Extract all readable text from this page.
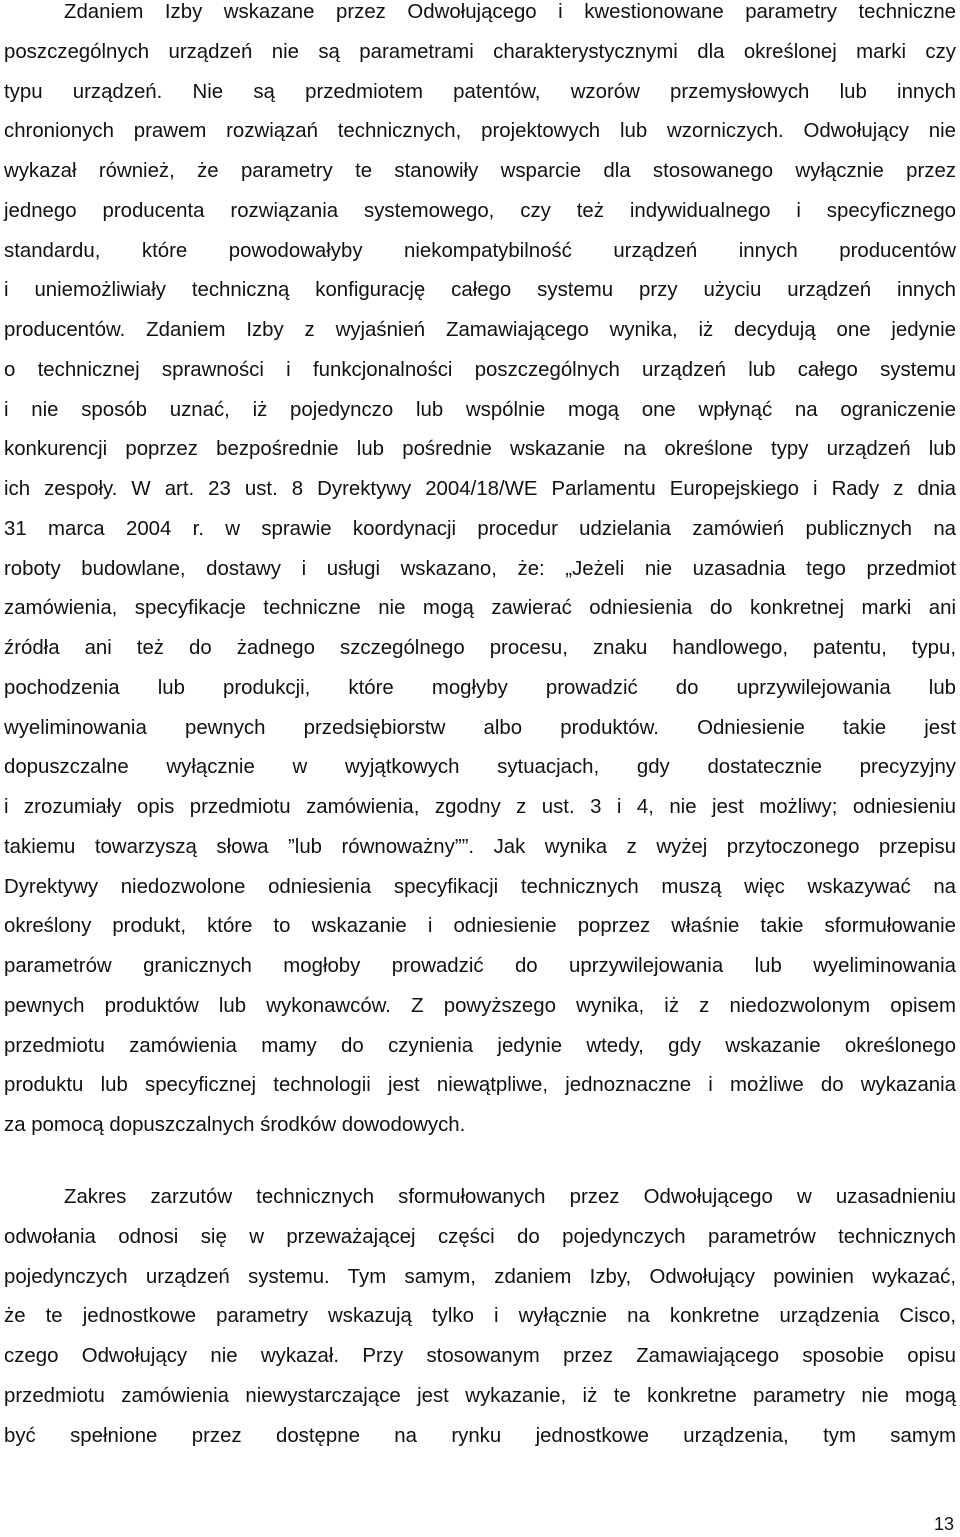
Zdaniem Izby wskazane przez Odwołującego i kwestionowane parametry techniczne
poszczególnych urządzeń nie są parametrami charakterystycznymi dla określonej marki czy
typu urządzeń. Nie są przedmiotem patentów, wzorów przemysłowych lub innych
chronionych prawem rozwiązań technicznych, projektowych lub wzorniczych. Odwołujący nie
wykazał również, że parametry te stanowiły wsparcie dla stosowanego wyłącznie przez
jednego producenta rozwiązania systemowego, czy też indywidualnego i specyficznego
standardu, które powodowałyby niekompatybilność urządzeń innych producentów
i uniemożliwiały techniczną konfigurację całego systemu przy użyciu urządzeń innych
producentów. Zdaniem Izby z wyjaśnień Zamawiającego wynika, iż decydują one jedynie
o technicznej sprawności i funkcjonalności poszczególnych urządzeń lub całego systemu
i nie sposób uznać, iż pojedynczo lub wspólnie mogą one wpłynąć na ograniczenie
konkurencji poprzez bezpośrednie lub pośrednie wskazanie na określone typy urządzeń lub
ich zespoły. W art. 23 ust. 8 Dyrektywy 2004/18/WE Parlamentu Europejskiego i Rady z dnia
31 marca 2004 r. w sprawie koordynacji procedur udzielania zamówień publicznych na
roboty budowlane, dostawy i usługi wskazano, że: „Jeżeli nie uzasadnia tego przedmiot
zamówienia, specyfikacje techniczne nie mogą zawierać odniesienia do konkretnej marki ani
źródła ani też do żadnego szczególnego procesu, znaku handlowego, patentu, typu,
pochodzenia lub produkcji, które mogłyby prowadzić do uprzywilejowania lub
wyeliminowania pewnych przedsiębiorstw albo produktów. Odniesienie takie jest
dopuszczalne wyłącznie w wyjątkowych sytuacjach, gdy dostatecznie precyzyjny
i zrozumiały opis przedmiotu zamówienia, zgodny z ust. 3 i 4, nie jest możliwy; odniesieniu
takiemu towarzyszą słowa ”lub równoważny””. Jak wynika z wyżej przytoczonego przepisu
Dyrektywy niedozwolone odniesienia specyfikacji technicznych muszą więc wskazywać na
określony produkt, które to wskazanie i odniesienie poprzez właśnie takie sformułowanie
parametrów granicznych mogłoby prowadzić do uprzywilejowania lub wyeliminowania
pewnych produktów lub wykonawców. Z powyższego wynika, iż z niedozwolonym opisem
przedmiotu zamówienia mamy do czynienia jedynie wtedy, gdy wskazanie określonego
produktu lub specyficznej technologii jest niewątpliwe, jednoznaczne i możliwe do wykazania
za pomocą dopuszczalnych środków dowodowych.
Zakres zarzutów technicznych sformułowanych przez Odwołującego w uzasadnieniu
odwołania odnosi się w przeważającej części do pojedynczych parametrów technicznych
pojedynczych urządzeń systemu. Tym samym, zdaniem Izby, Odwołujący powinien wykazać,
że te jednostkowe parametry wskazują tylko i wyłącznie na konkretne urządzenia Cisco,
czego Odwołujący nie wykazał. Przy stosowanym przez Zamawiającego sposobie opisu
przedmiotu zamówienia niewystarczające jest wykazanie, iż te konkretne parametry nie mogą
być spełnione przez dostępne na rynku jednostkowe urządzenia, tym samym
13
